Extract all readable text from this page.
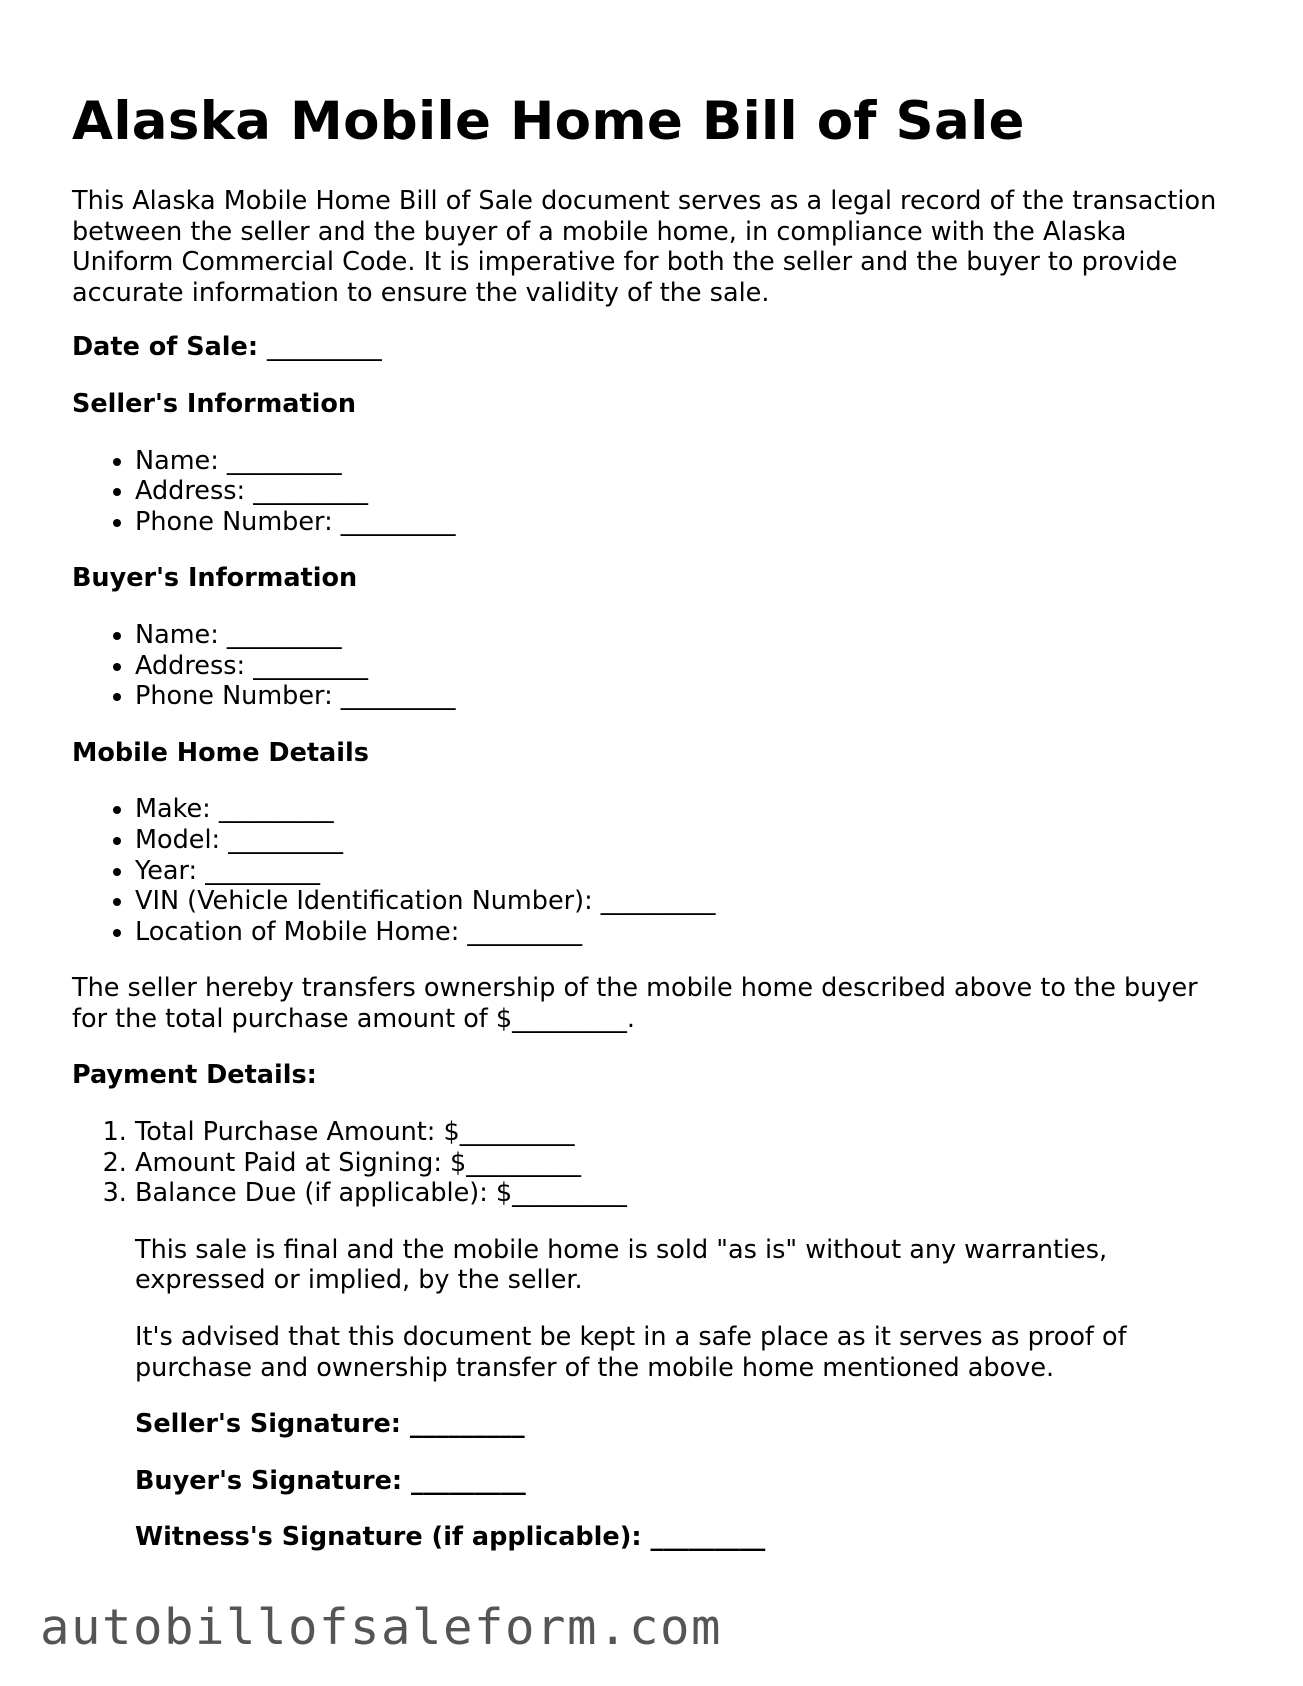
Alaska Mobile Home Bill of Sale

This Alaska Mobile Home Bill of Sale document serves as a legal record of the transaction between the seller and the buyer of a mobile home, in compliance with the Alaska Uniform Commercial Code. It is imperative for both the seller and the buyer to provide accurate information to ensure the validity of the sale.

Date of Sale: _________

Seller's Information
• Name: _________
• Address: _________
• Phone Number: _________
Buyer's Information
• Name: _________
• Address: _________
• Phone Number: _________
Mobile Home Details
• Make: _________
• Model: _________
• Year: _________
• VIN (Vehicle Identification Number): _________
• Location of Mobile Home: _________

The seller hereby transfers ownership of the mobile home described above to the buyer for the total purchase amount of $_________.

Payment Details:
1. Total Purchase Amount: $_________
2. Amount Paid at Signing: $_________
3. Balance Due (if applicable): $_________

This sale is final and the mobile home is sold "as is" without any warranties, expressed or implied, by the seller.

It's advised that this document be kept in a safe place as it serves as proof of purchase and ownership transfer of the mobile home mentioned above.

Seller's Signature: _________

Buyer's Signature: _________

Witness's Signature (if applicable): _________

autobillofsaleform.com
